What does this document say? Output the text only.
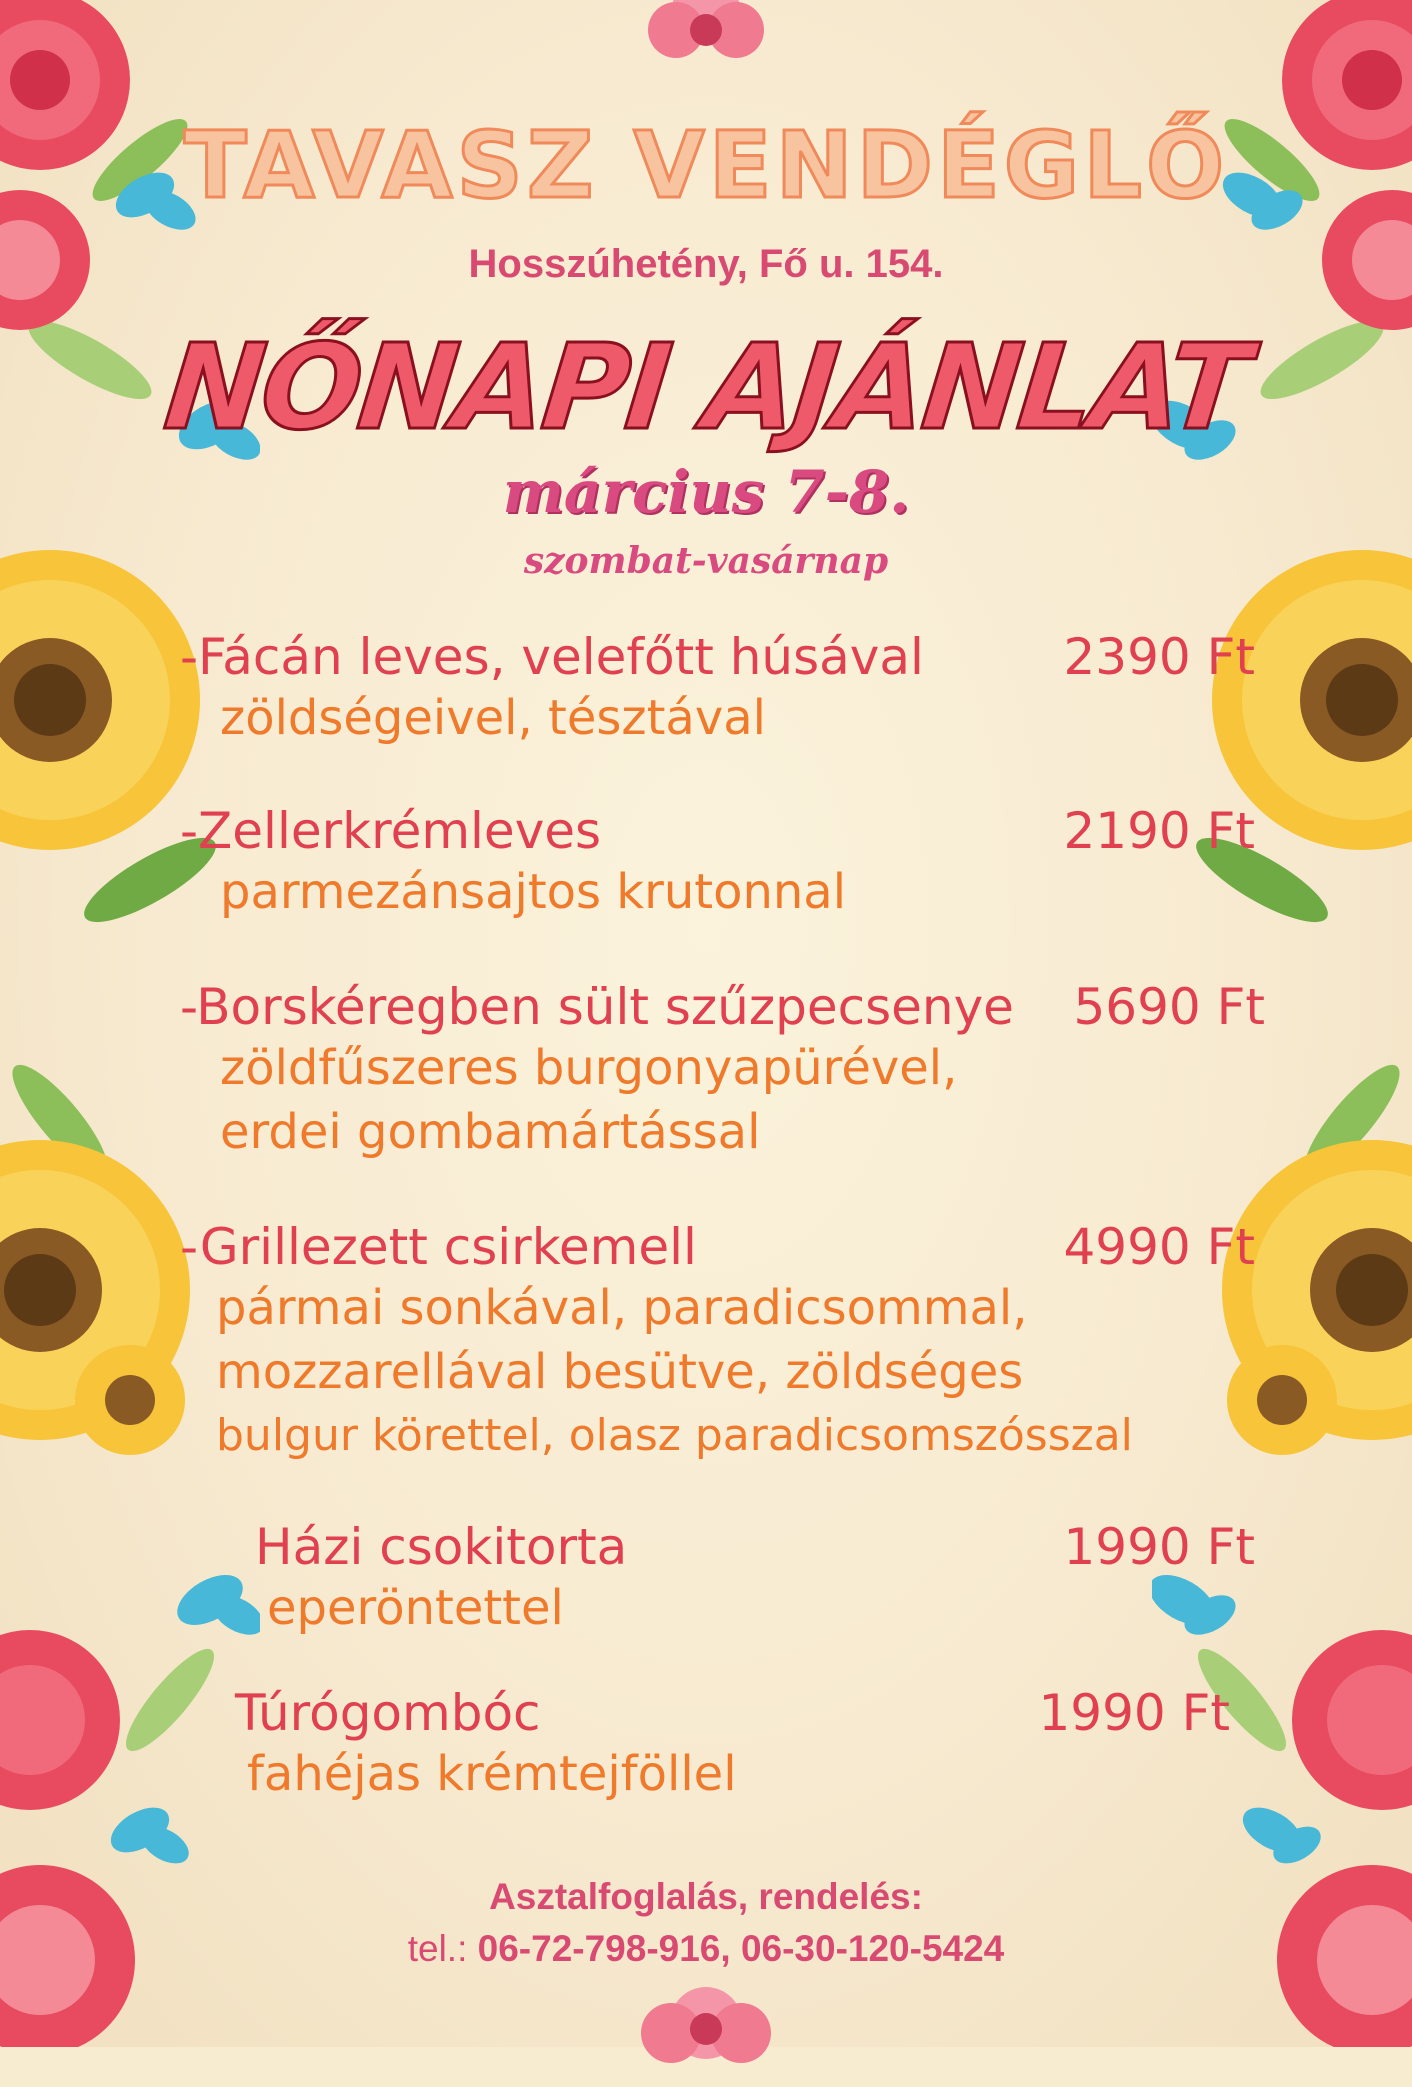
TAVASZ VENDÉGLŐ
Hosszúhetény, Fő u. 154.
NŐNAPI AJÁNLAT
március 7-8.
szombat-vasárnap
-Fácán leves, velefőtt húsával	2390 Ft
zöldségeivel, tésztával
-Zellerkrémleves	2190 Ft
parmezánsajtos krutonnal
-Borskéregben sült szűzpecsenye 5690 Ft
zöldfűszeres burgonyapürével,
erdei gombamártással
-Grillezett csirkemell	4990 Ft
pármai sonkával, paradicsommal,
mozzarellával besütve, zöldséges
bulgur körettel, olasz paradicsomszósszal
Házi csokitorta	1990 Ft
eperöntettel
Túrógombóc	1990 Ft
fahéjas krémtejföllel
Asztalfoglalás, rendelés:
tel.: 06-72-798-916, 06-30-120-5424
